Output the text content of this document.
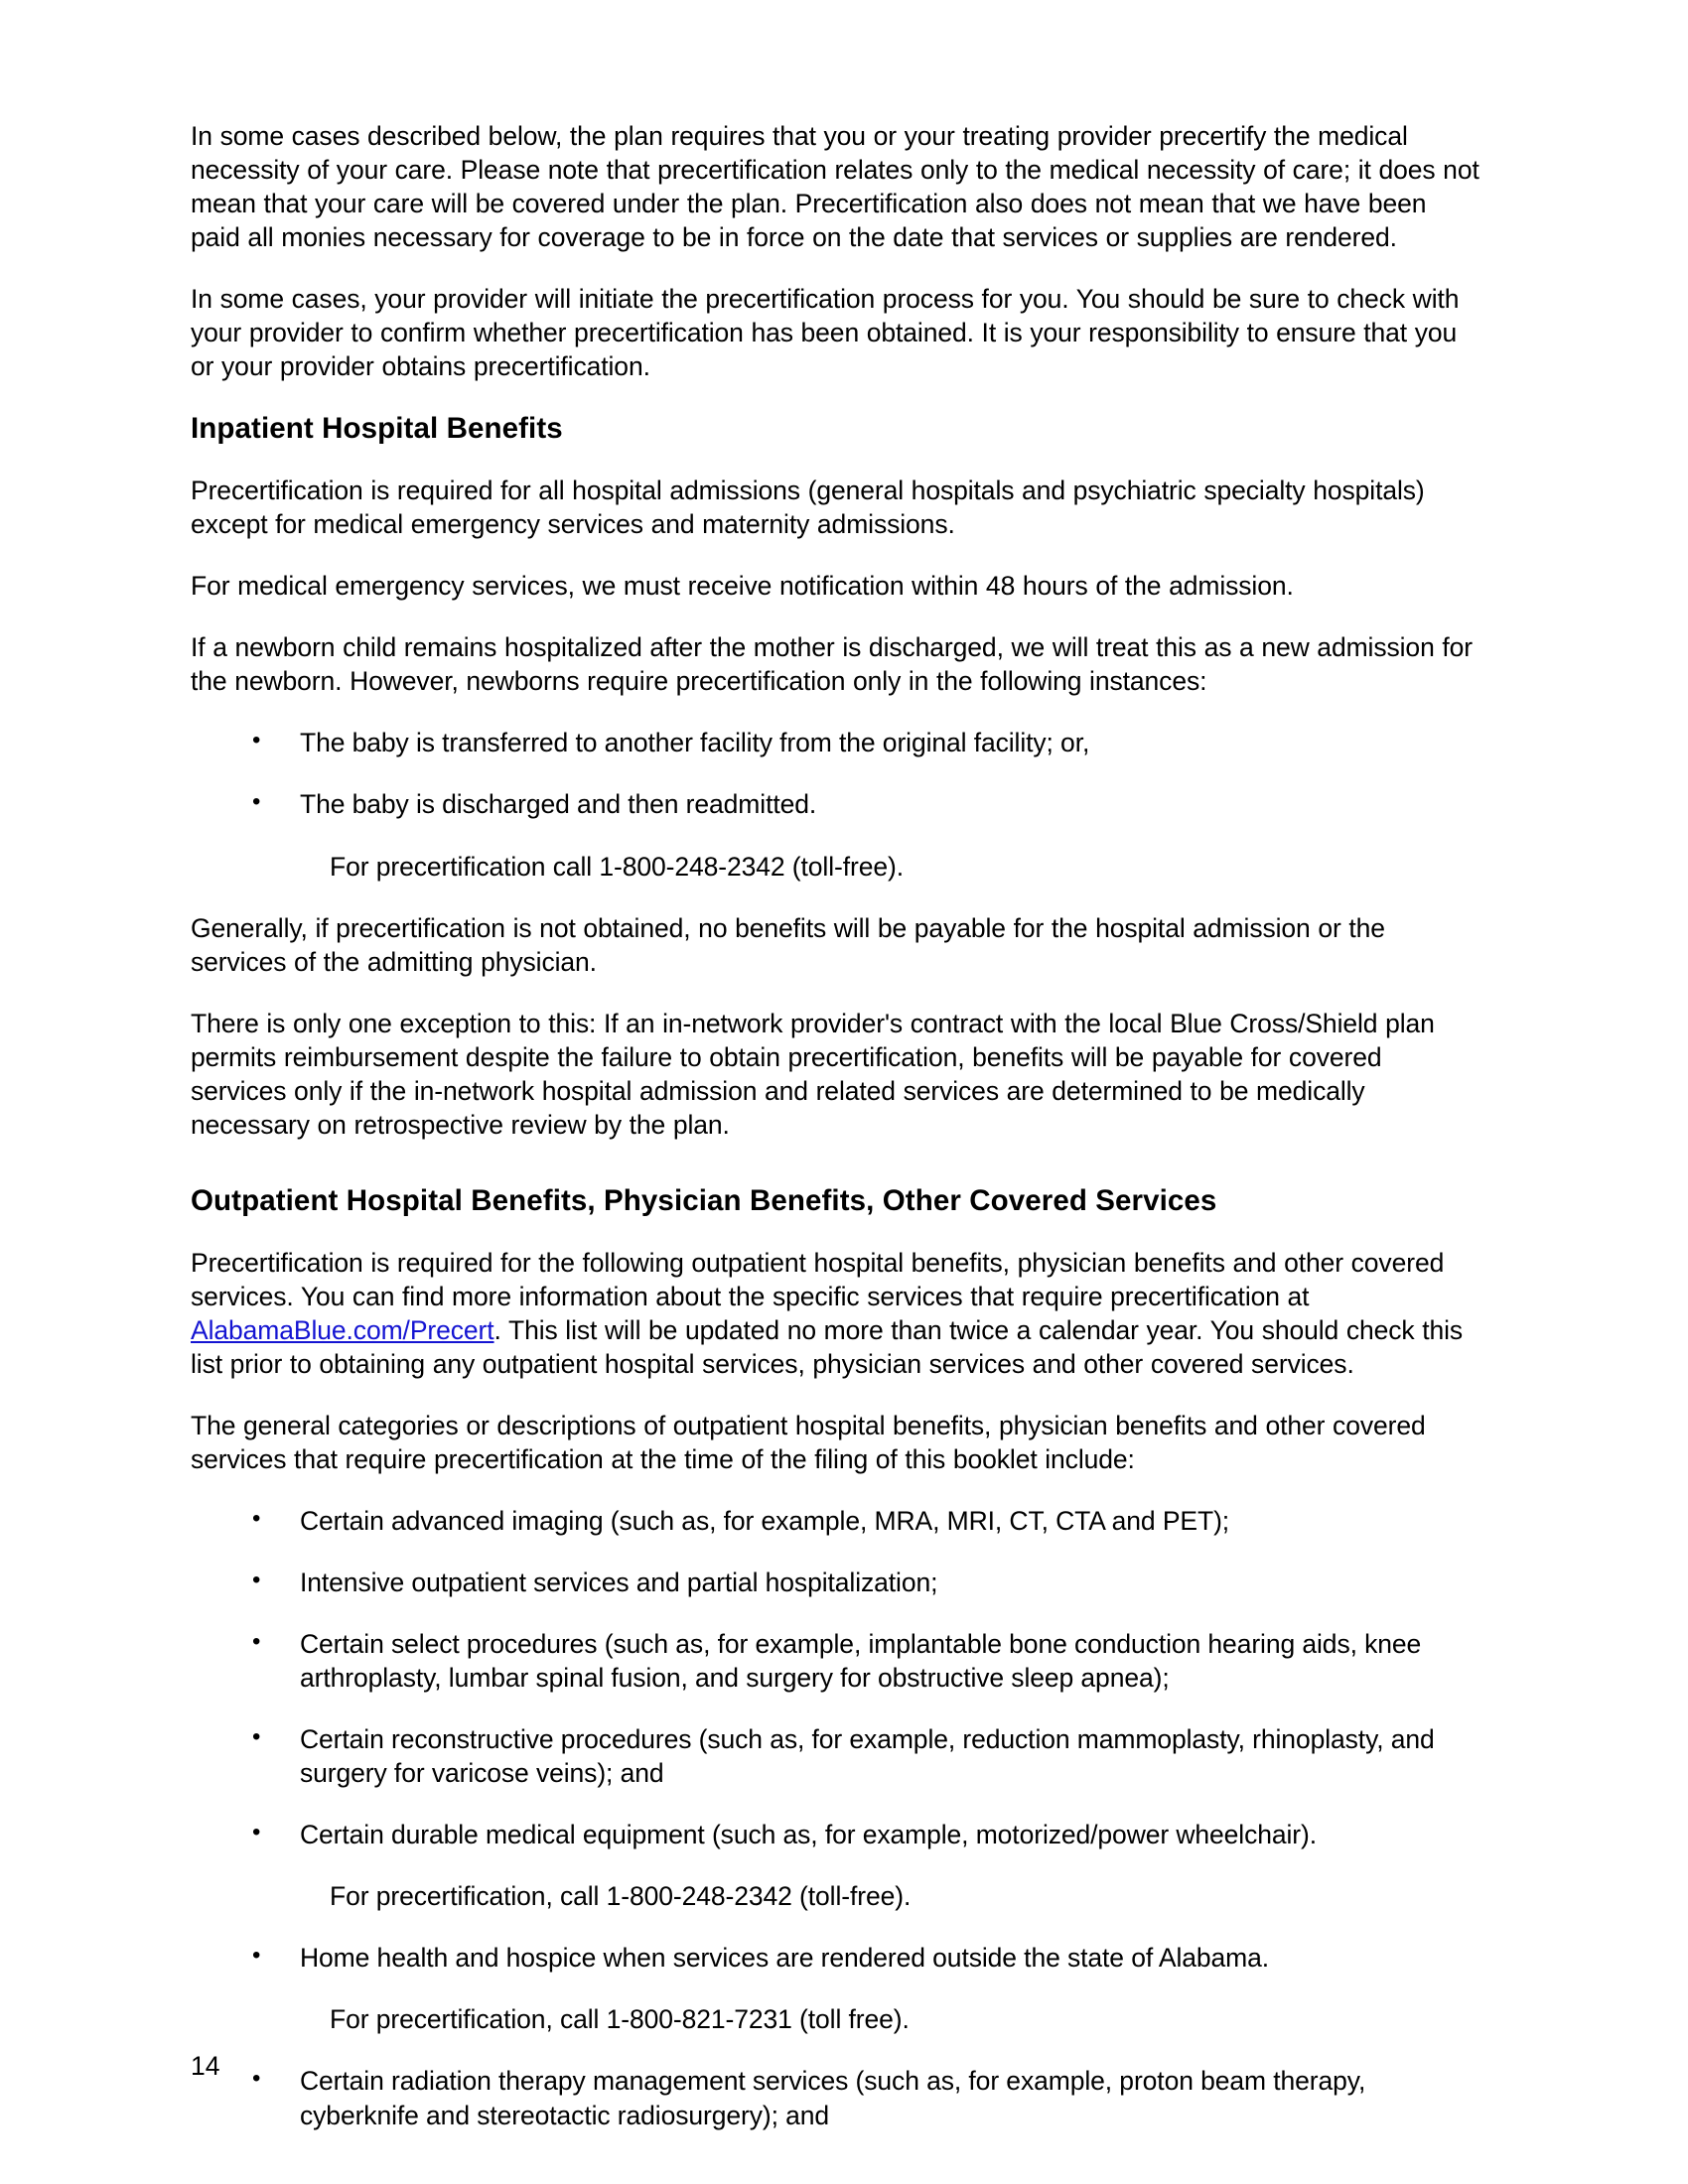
In some cases described below, the plan requires that you or your treating provider precertify the medical necessity of your care. Please note that precertification relates only to the medical necessity of care; it does not mean that your care will be covered under the plan. Precertification also does not mean that we have been paid all monies necessary for coverage to be in force on the date that services or supplies are rendered.

In some cases, your provider will initiate the precertification process for you. You should be sure to check with your provider to confirm whether precertification has been obtained. It is your responsibility to ensure that you or your provider obtains precertification.

Inpatient Hospital Benefits

Precertification is required for all hospital admissions (general hospitals and psychiatric specialty hospitals) except for medical emergency services and maternity admissions.

For medical emergency services, we must receive notification within 48 hours of the admission.

If a newborn child remains hospitalized after the mother is discharged, we will treat this as a new admission for the newborn. However, newborns require precertification only in the following instances:

• The baby is transferred to another facility from the original facility; or,
• The baby is discharged and then readmitted.

For precertification call 1-800-248-2342 (toll-free).

Generally, if precertification is not obtained, no benefits will be payable for the hospital admission or the services of the admitting physician.

There is only one exception to this: If an in-network provider's contract with the local Blue Cross/Shield plan permits reimbursement despite the failure to obtain precertification, benefits will be payable for covered services only if the in-network hospital admission and related services are determined to be medically necessary on retrospective review by the plan.

Outpatient Hospital Benefits, Physician Benefits, Other Covered Services

Precertification is required for the following outpatient hospital benefits, physician benefits and other covered services. You can find more information about the specific services that require precertification at AlabamaBlue.com/Precert. This list will be updated no more than twice a calendar year. You should check this list prior to obtaining any outpatient hospital services, physician services and other covered services.

The general categories or descriptions of outpatient hospital benefits, physician benefits and other covered services that require precertification at the time of the filing of this booklet include:

• Certain advanced imaging (such as, for example, MRA, MRI, CT, CTA and PET);
• Intensive outpatient services and partial hospitalization;
• Certain select procedures (such as, for example, implantable bone conduction hearing aids, knee arthroplasty, lumbar spinal fusion, and surgery for obstructive sleep apnea);
• Certain reconstructive procedures (such as, for example, reduction mammoplasty, rhinoplasty, and surgery for varicose veins); and
• Certain durable medical equipment (such as, for example, motorized/power wheelchair).

For precertification, call 1-800-248-2342 (toll-free).

• Home health and hospice when services are rendered outside the state of Alabama.

For precertification, call 1-800-821-7231 (toll free).

• Certain radiation therapy management services (such as, for example, proton beam therapy, cyberknife and stereotactic radiosurgery); and
14
